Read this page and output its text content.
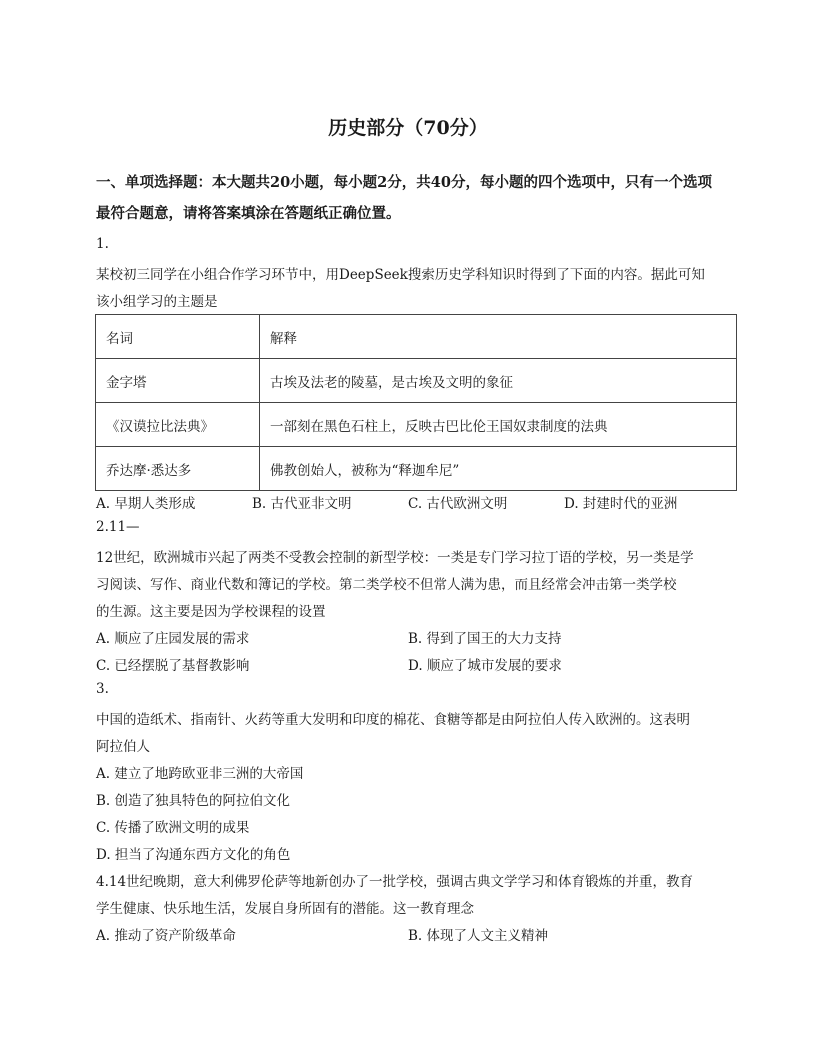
历史部分（70分）
一、单项选择题：本大题共20小题，每小题2分，共40分，每小题的四个选项中，只有一个选项最符合题意，请将答案填涂在答题纸正确位置。
1.
某校初三同学在小组合作学习环节中，用DeepSeek搜索历史学科知识时得到了下面的内容。据此可知
该小组学习的主题是
名词	解释
金字塔	古埃及法老的陵墓，是古埃及文明的象征
《汉谟拉比法典》	一部刻在黑色石柱上，反映古巴比伦王国奴隶制度的法典
乔达摩·悉达多	佛教创始人，被称为“释迦牟尼”
A. 早期人类形成	B. 古代亚非文明	C. 古代欧洲文明	D. 封建时代的亚洲
2.11—
12世纪，欧洲城市兴起了两类不受教会控制的新型学校：一类是专门学习拉丁语的学校，另一类是学
习阅读、写作、商业代数和簿记的学校。第二类学校不但常人满为患，而且经常会冲击第一类学校
的生源。这主要是因为学校课程的设置
A. 顺应了庄园发展的需求	B. 得到了国王的大力支持
C. 已经摆脱了基督教影响	D. 顺应了城市发展的要求
3.
中国的造纸术、指南针、火药等重大发明和印度的棉花、食糖等都是由阿拉伯人传入欧洲的。这表明
阿拉伯人
A. 建立了地跨欧亚非三洲的大帝国
B. 创造了独具特色的阿拉伯文化
C. 传播了欧洲文明的成果
D. 担当了沟通东西方文化的角色
4.14世纪晚期，意大利佛罗伦萨等地新创办了一批学校，强调古典文学学习和体育锻炼的并重，教育
学生健康、快乐地生活，发展自身所固有的潜能。这一教育理念
A. 推动了资产阶级革命	B. 体现了人文主义精神
